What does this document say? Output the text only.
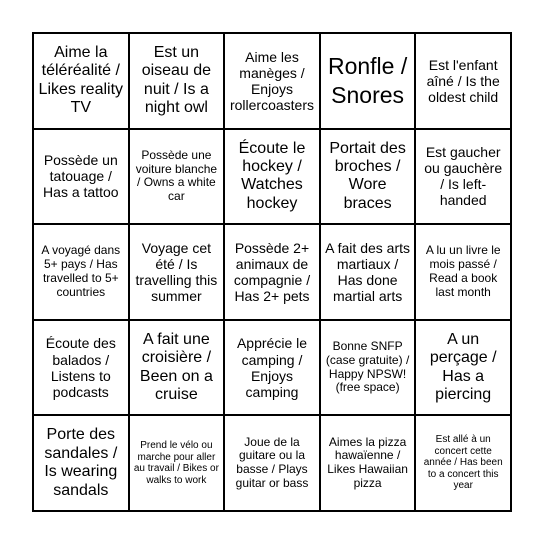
Aime la téléréalité / Likes reality TV
Est un oiseau de nuit / Is a night owl
Aime les manèges / Enjoys rollercoasters
Ronfle / Snores
Est l'enfant aîné / Is the oldest child
Possède un tatouage / Has a tattoo
Possède une voiture blanche / Owns a white car
Écoute le hockey / Watches hockey
Portait des broches / Wore braces
Est gaucher ou gauchère / Is left-handed
A voyagé dans 5+ pays / Has travelled to 5+ countries
Voyage cet été / Is travelling this summer
Possède 2+ animaux de compagnie / Has 2+ pets
A fait des arts martiaux / Has done martial arts
A lu un livre le mois passé / Read a book last month
Écoute des balados / Listens to podcasts
A fait une croisière / Been on a cruise
Apprécie le camping / Enjoys camping
Bonne SNFP (case gratuite) / Happy NPSW! (free space)
A un perçage / Has a piercing
Porte des sandales / Is wearing sandals
Prend le vélo ou marche pour aller au travail / Bikes or walks to work
Joue de la guitare ou la basse / Plays guitar or bass
Aimes la pizza hawaïenne / Likes Hawaiian pizza
Est allé à un concert cette année / Has been to a concert this year
